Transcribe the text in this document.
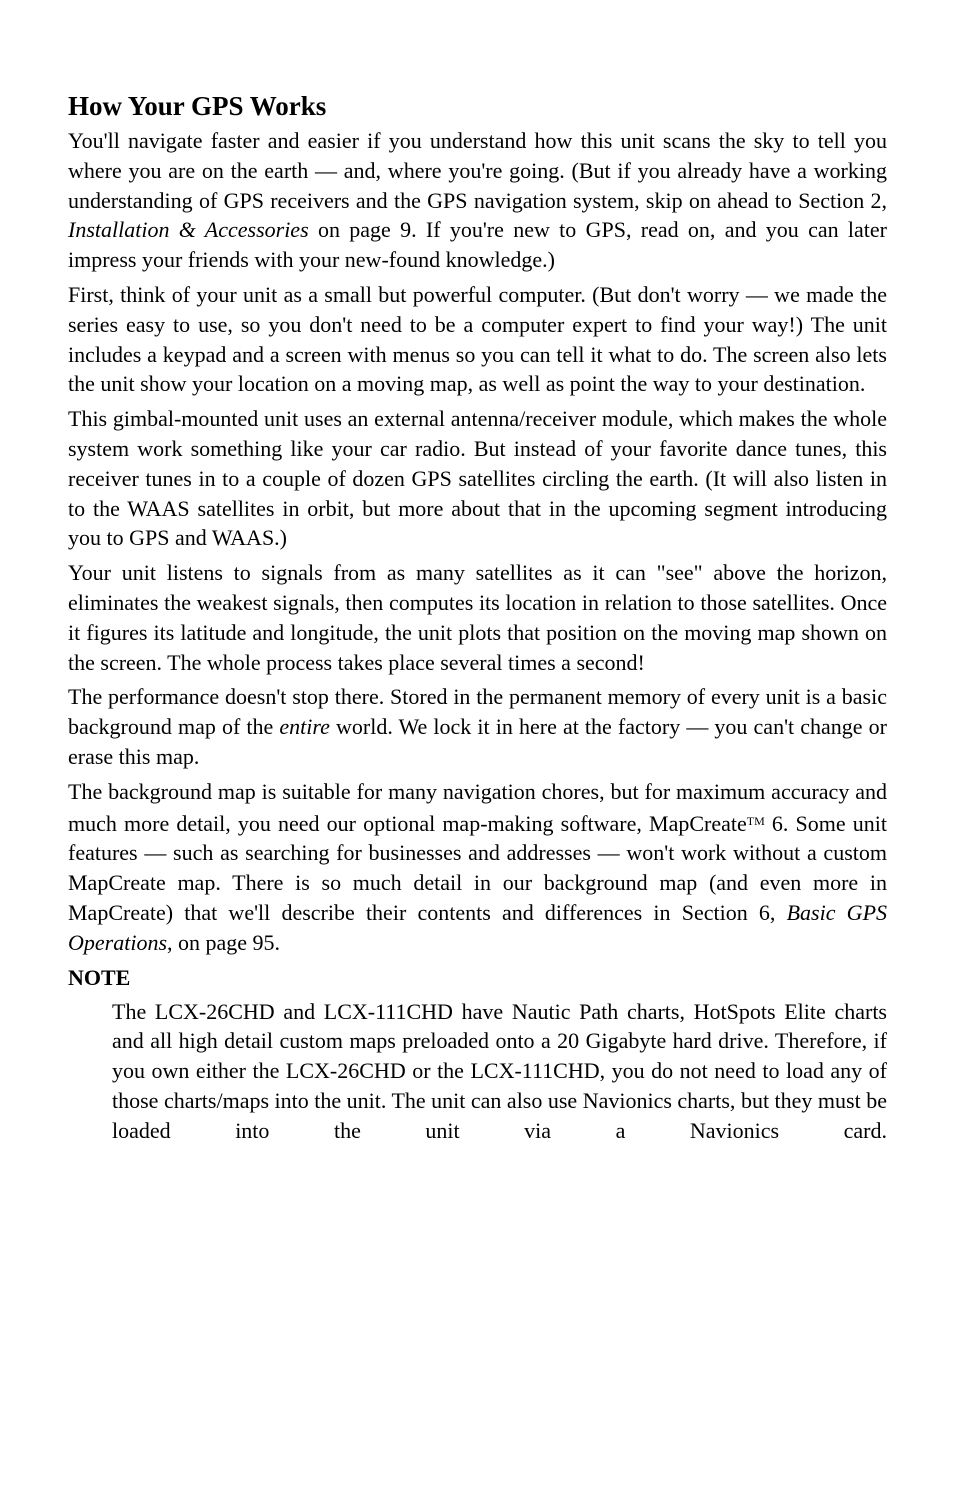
How Your GPS Works

You'll navigate faster and easier if you understand how this unit scans the sky to tell you where you are on the earth — and, where you're going. (But if you already have a working understanding of GPS receivers and the GPS navigation system, skip on ahead to Section 2, Installation & Accessories on page 9. If you're new to GPS, read on, and you can later impress your friends with your new-found knowledge.)

First, think of your unit as a small but powerful computer. (But don't worry — we made the series easy to use, so you don't need to be a computer expert to find your way!) The unit includes a keypad and a screen with menus so you can tell it what to do. The screen also lets the unit show your location on a moving map, as well as point the way to your destination.

This gimbal-mounted unit uses an external antenna/receiver module, which makes the whole system work something like your car radio. But instead of your favorite dance tunes, this receiver tunes in to a couple of dozen GPS satellites circling the earth. (It will also listen in to the WAAS satellites in orbit, but more about that in the upcoming segment introducing you to GPS and WAAS.)

Your unit listens to signals from as many satellites as it can "see" above the horizon, eliminates the weakest signals, then computes its location in relation to those satellites. Once it figures its latitude and longitude, the unit plots that position on the moving map shown on the screen. The whole process takes place several times a second!

The performance doesn't stop there. Stored in the permanent memory of every unit is a basic background map of the entire world. We lock it in here at the factory — you can't change or erase this map.

The background map is suitable for many navigation chores, but for maximum accuracy and much more detail, you need our optional map-making software, MapCreate™ 6. Some unit features — such as searching for businesses and addresses — won't work without a custom MapCreate map. There is so much detail in our background map (and even more in MapCreate) that we'll describe their contents and differences in Section 6, Basic GPS Operations, on page 95.

NOTE

The LCX-26CHD and LCX-111CHD have Nautic Path charts, HotSpots Elite charts and all high detail custom maps preloaded onto a 20 Gigabyte hard drive. Therefore, if you own either the LCX-26CHD or the LCX-111CHD, you do not need to load any of those charts/maps into the unit. The unit can also use Navionics charts, but they must be loaded into the unit via a Navionics card.
